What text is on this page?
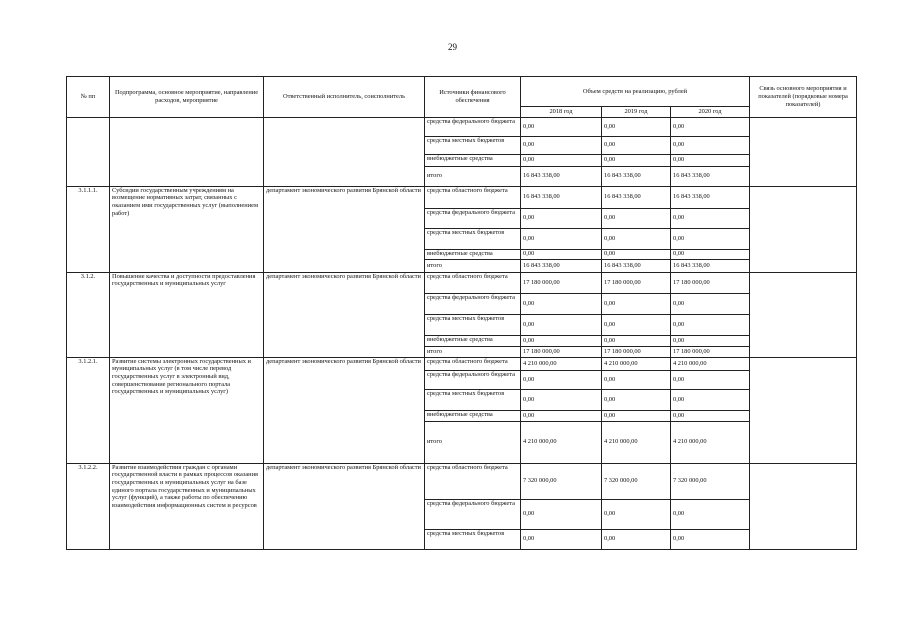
29
№ пп	Подпрограмма, основное мероприятие, направление расходов, мероприятие	Ответственный исполнитель, соисполнитель	Источники финансового обеспечения	Объем средств на реализацию, рублей			Связь основного мероприятия и показателей (порядковые номера показателей)
				2018 год	2019 год	2020 год	
			средства федерального бюджета	0,00	0,00	0,00	
			средства местных бюджетов	0,00	0,00	0,00	
			внебюджетные средства	0,00	0,00	0,00	
			итого	16 843 338,00	16 843 338,00	16 843 338,00	
3.1.1.1.	Субсидии государственным учреждениям на возмещение нормативных затрат, связанных с оказанием ими государственных услуг (выполнением работ)	департамент экономического развития Брянской области	средства областного бюджета	16 843 338,00	16 843 338,00	16 843 338,00	
			средства федерального бюджета	0,00	0,00	0,00	
			средства местных бюджетов	0,00	0,00	0,00	
			внебюджетные средства	0,00	0,00	0,00	
			итого	16 843 338,00	16 843 338,00	16 843 338,00	
3.1.2.	Повышение качества и доступности предоставления государственных и муниципальных услуг	департамент экономического развития Брянской области	средства областного бюджета	17 180 000,00	17 180 000,00	17 180 000,00	
			средства федерального бюджета	0,00	0,00	0,00	
			средства местных бюджетов	0,00	0,00	0,00	
			внебюджетные средства	0,00	0,00	0,00	
			итого	17 180 000,00	17 180 000,00	17 180 000,00	
3.1.2.1.	Развитие системы электронных государственных и муниципальных услуг (в том числе перевод государственных услуг в электронный вид, совершенствование регионального портала государственных и муниципальных услуг)	департамент экономического развития Брянской области	средства областного бюджета	4 210 000,00	4 210 000,00	4 210 000,00	
			средства федерального бюджета	0,00	0,00	0,00	
			средства местных бюджетов	0,00	0,00	0,00	
			внебюджетные средства	0,00	0,00	0,00	
			итого	4 210 000,00	4 210 000,00	4 210 000,00	
3.1.2.2.	Развитие взаимодействия граждан с органами государственной власти в рамках процессов оказания государственных и муниципальных услуг на базе единого портала государственных и муниципальных услуг (функций), а также работы по обеспечению взаимодействия информационных систем и ресурсов	департамент экономического развития Брянской области	средства областного бюджета	7 320 000,00	7 320 000,00	7 320 000,00	
			средства федерального бюджета	0,00	0,00	0,00	
			средства местных бюджетов	0,00	0,00	0,00	
